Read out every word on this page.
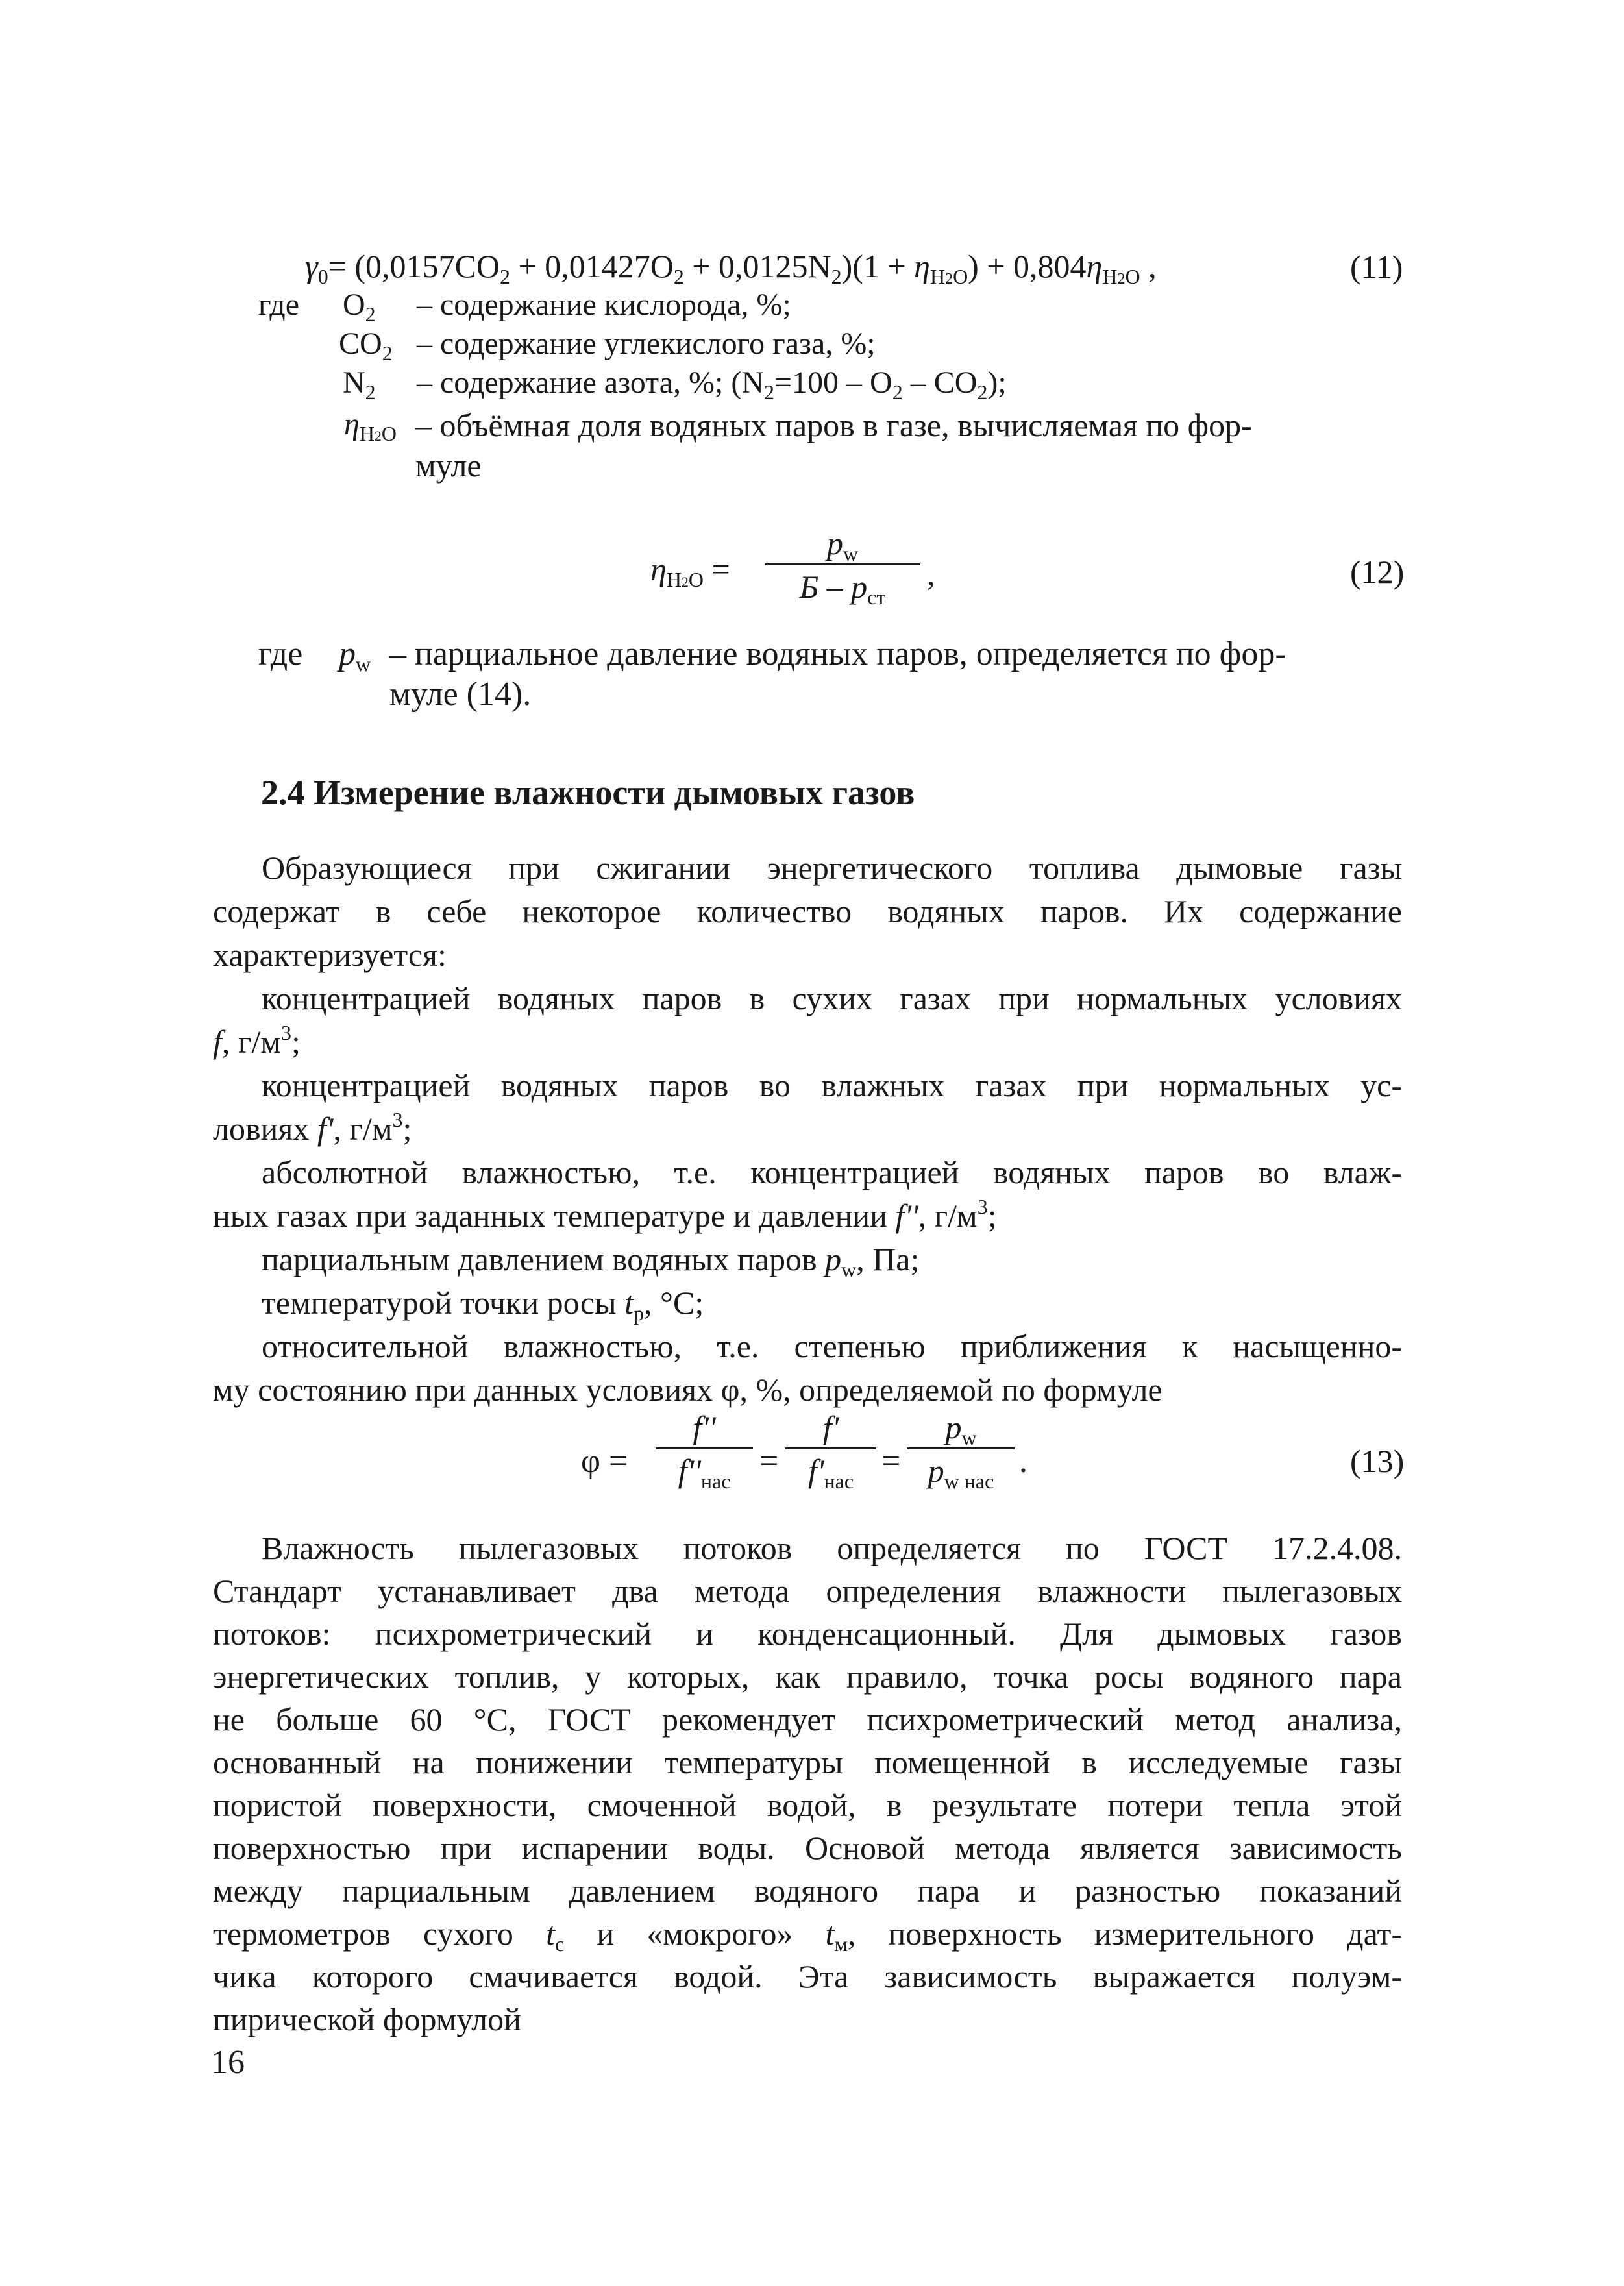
$\gamma_0= (0,0157CO_2 + 0,01427O_2 + 0,0125N_2)(1 + \eta_{H2O}) + 0,804\eta_{H2O}$ ,	(11)
где $O_2$ – содержание кислорода, %;
$CO_2$ – содержание углекислого газа, %;
$N_2$ – содержание азота, %; $(N_2=100 - O_2 - CO_2)$;
$\eta_{H2O}$ – объёмная доля водяных паров в газе, вычисляемая по фор-
муле
$\eta_{H2O}$ =
$p_w$
Б – $p_{ст}$
,	(12)
где $p_w$ – парциальное давление водяных паров, определяется по фор-
муле (14).
2.4 Измерение влажности дымовых газов
Образующиеся при сжигании энергетического топлива дымовые газы
содержат в себе некоторое количество водяных паров. Их содержание
характеризуется:
концентрацией водяных паров в сухих газах при нормальных условиях
f, $г/м^3$;
концентрацией водяных паров во влажных газах при нормальных ус-
ловиях f', $г/м^3$;
абсолютной влажностью, т.е. концентрацией водяных паров во влаж-
ных газах при заданных температуре и давлении f'', $г/м^3$;
парциальным давлением водяных паров $p_w$, Па;
температурой точки росы $t_р$, °С;
относительной влажностью, т.е. степенью приближения к насыщенно-
му состоянию при данных условиях φ, %, определяемой по формуле
φ =
f''
$f''_{нас}$
=
f'
$f'_{нас}$
=
$p_w$
$p_{w нас}$
.	(13)
Влажность пылегазовых потоков определяется по ГОСТ 17.2.4.08.
Стандарт устанавливает два метода определения влажности пылегазовых
потоков: психрометрический и конденсационный. Для дымовых газов
энергетических топлив, у которых, как правило, точка росы водяного пара
не больше 60 °С, ГОСТ рекомендует психрометрический метод анализа,
основанный на понижении температуры помещенной в исследуемые газы
пористой поверхности, смоченной водой, в результате потери тепла этой
поверхностью при испарении воды. Основой метода является зависимость
между парциальным давлением водяного пара и разностью показаний
термометров сухого $t_с$ и «мокрого» $t_м$, поверхность измерительного дат-
чика которого смачивается водой. Эта зависимость выражается полуэм-
пирической формулой
16
